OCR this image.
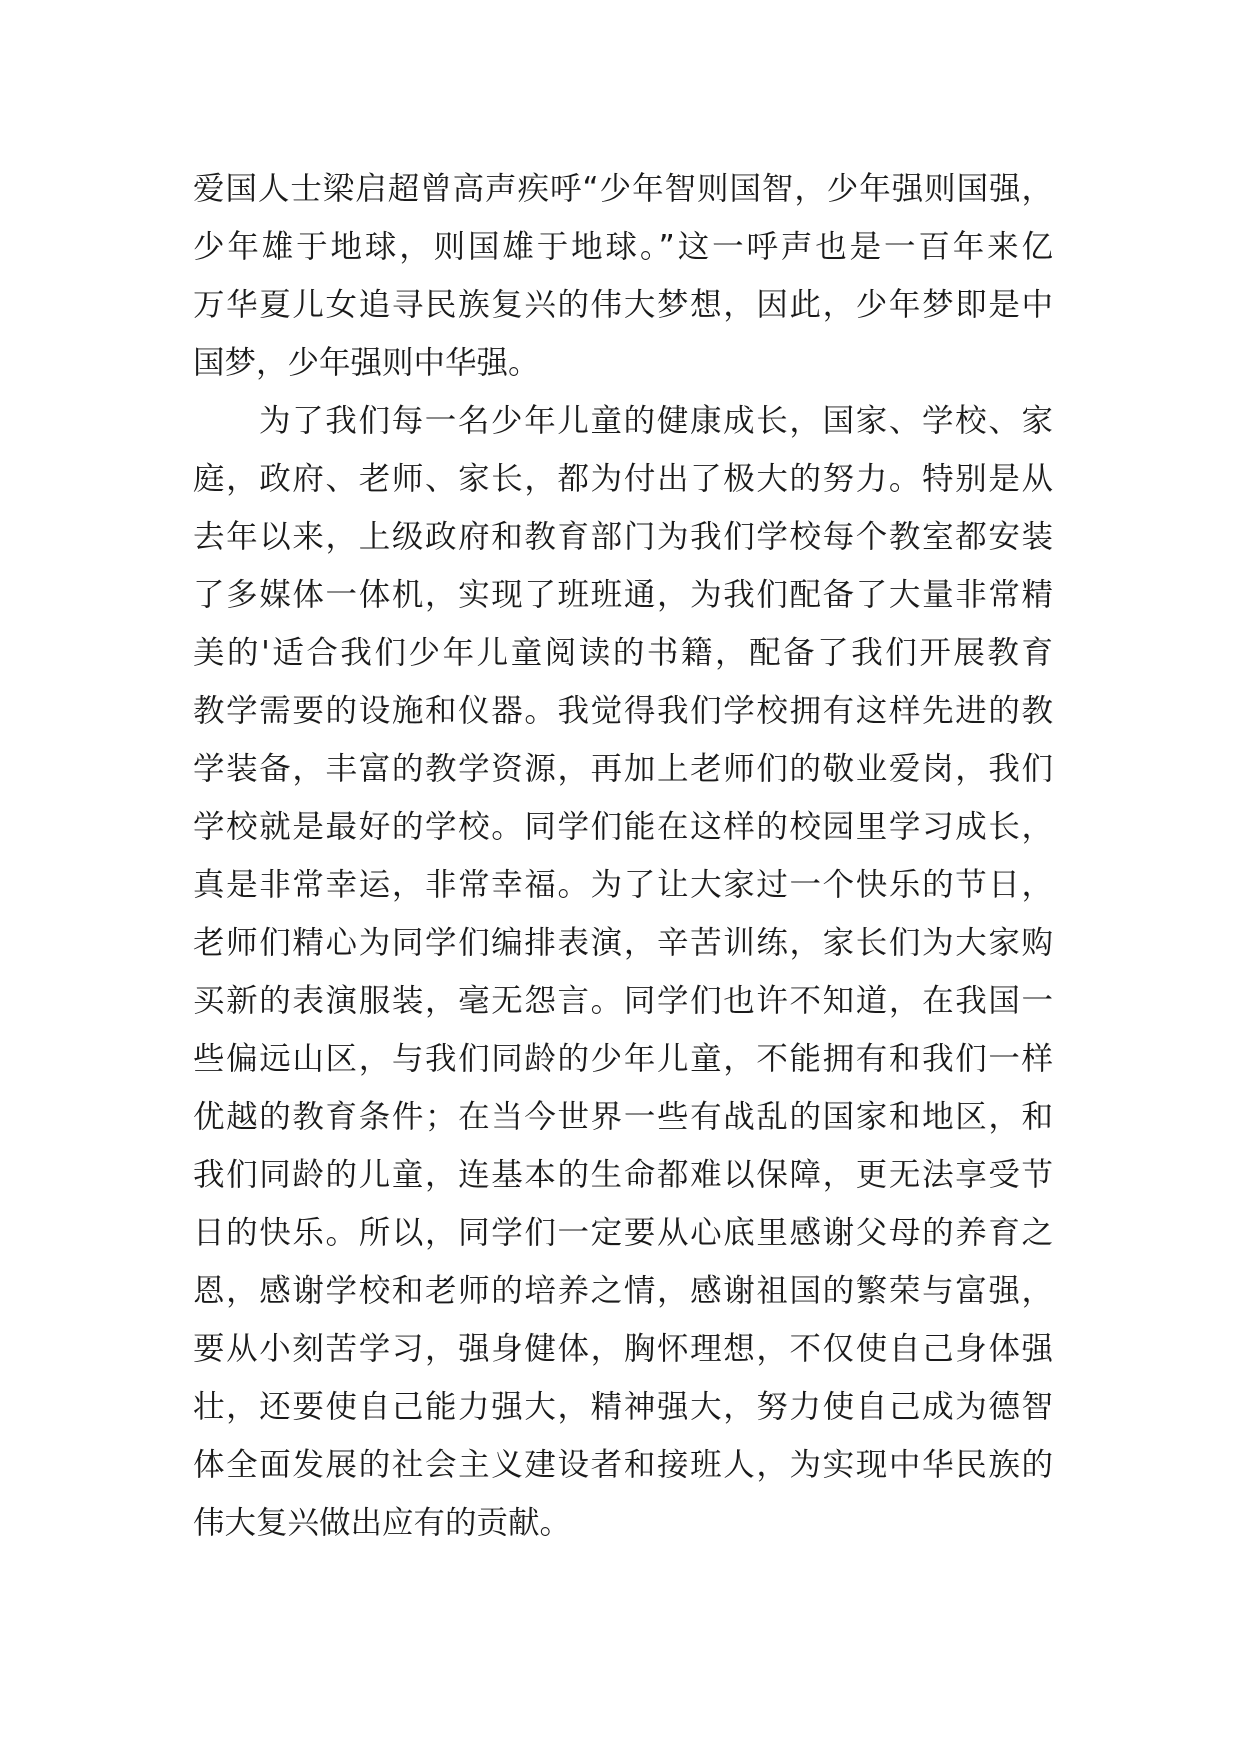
爱国人士梁启超曾高声疾呼“少年智则国智，少年强则国强，
少年雄于地球，则国雄于地球。”这一呼声也是一百年来亿
万华夏儿女追寻民族复兴的伟大梦想，因此，少年梦即是中
国梦，少年强则中华强。
为了我们每一名少年儿童的健康成长，国家、学校、家
庭，政府、老师、家长，都为付出了极大的努力。特别是从
去年以来，上级政府和教育部门为我们学校每个教室都安装
了多媒体一体机，实现了班班通，为我们配备了大量非常精
美的'适合我们少年儿童阅读的书籍，配备了我们开展教育
教学需要的设施和仪器。我觉得我们学校拥有这样先进的教
学装备，丰富的教学资源，再加上老师们的敬业爱岗，我们
学校就是最好的学校。同学们能在这样的校园里学习成长，
真是非常幸运，非常幸福。为了让大家过一个快乐的节日，
老师们精心为同学们编排表演，辛苦训练，家长们为大家购
买新的表演服装，毫无怨言。同学们也许不知道，在我国一
些偏远山区，与我们同龄的少年儿童，不能拥有和我们一样
优越的教育条件；在当今世界一些有战乱的国家和地区，和
我们同龄的儿童，连基本的生命都难以保障，更无法享受节
日的快乐。所以，同学们一定要从心底里感谢父母的养育之
恩，感谢学校和老师的培养之情，感谢祖国的繁荣与富强，
要从小刻苦学习，强身健体，胸怀理想，不仅使自己身体强
壮，还要使自己能力强大，精神强大，努力使自己成为德智
体全面发展的社会主义建设者和接班人，为实现中华民族的
伟大复兴做出应有的贡献。
